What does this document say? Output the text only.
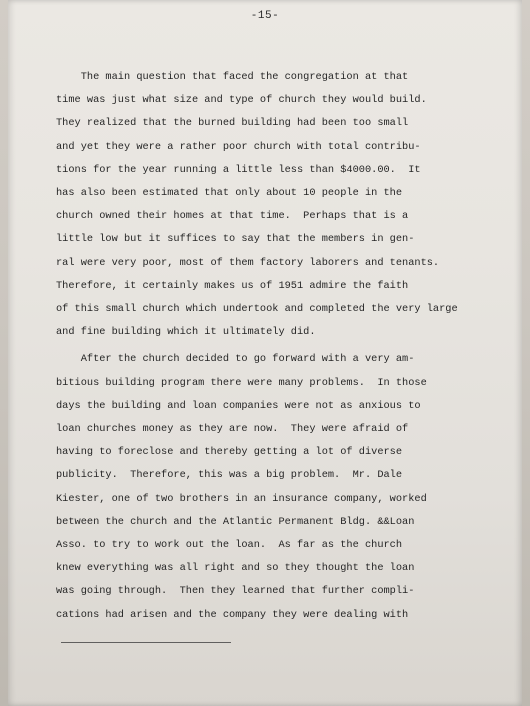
-15-
The main question that faced the congregation at that
time was just what size and type of church they would build.
They realized that the burned building had been too small
and yet they were a rather poor church with total contribu-
tions for the year running a little less than $4000.00.  It
has also been estimated that only about 10 people in the
church owned their homes at that time.  Perhaps that is a
little low but it suffices to say that the members in gen-
ral were very poor, most of them factory laborers and tenants.
Therefore, it certainly makes us of 1951 admire the faith
of this small church which undertook and completed the very large
and fine building which it ultimately did.
After the church decided to go forward with a very am-
bitious building program there were many problems.  In those
days the building and loan companies were not as anxious to
loan churches money as they are now.  They were afraid of
having to foreclose and thereby getting a lot of diverse
publicity.  Therefore, this was a big problem.  Mr. Dale
Kiester, one of two brothers in an insurance company, worked
between the church and the Atlantic Permanent Bldg. &&Loan
Asso. to try to work out the loan.  As far as the church
knew everything was all right and so they thought the loan
was going through.  Then they learned that further compli-
cations had arisen and the company they were dealing with
